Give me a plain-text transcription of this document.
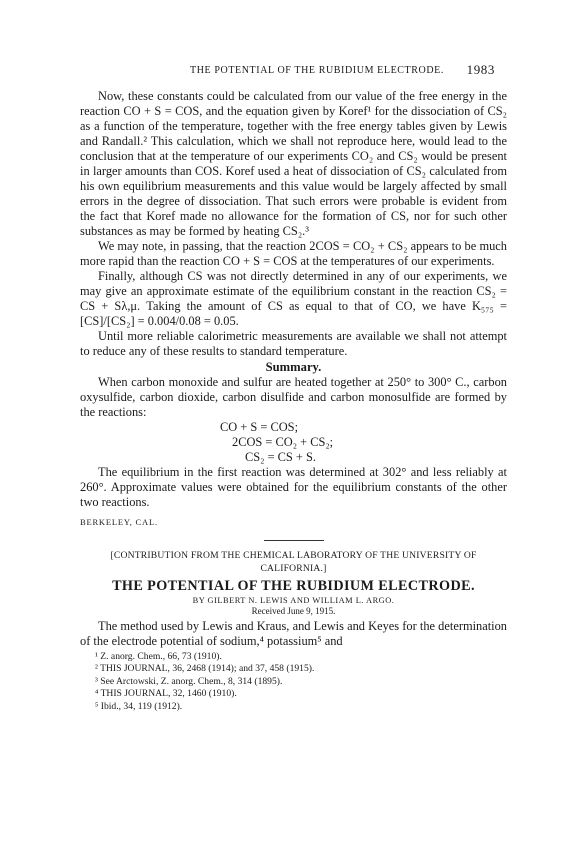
THE POTENTIAL OF THE RUBIDIUM ELECTRODE. 1983

Now, these constants could be calculated from our value of the free energy in the reaction CO + S = COS, and the equation given by Koref¹ for the dissociation of CS₂ as a function of the temperature, together with the free energy tables given by Lewis and Randall.² This calculation, which we shall not reproduce here, would lead to the conclusion that at the temperature of our experiments CO₂ and CS₂ would be present in larger amounts than COS. Koref used a heat of dissociation of CS₂ calculated from his own equilibrium measurements and this value would be largely affected by small errors in the degree of dissociation. That such errors were probable is evident from the fact that Koref made no allowance for the formation of CS, nor for such other substances as may be formed by heating CS₂.³

We may note, in passing, that the reaction 2COS = CO₂ + CS₂ appears to be much more rapid than the reaction CO + S = COS at the temperatures of our experiments.

Finally, although CS was not directly determined in any of our experiments, we may give an approximate estimate of the equilibrium constant in the reaction CS₂ = CS + Sλ,μ. Taking the amount of CS as equal to that of CO, we have K₅₇₅ = [CS]/[CS₂] = 0.004/0.08 = 0.05.

Until more reliable calorimetric measurements are available we shall not attempt to reduce any of these results to standard temperature.

Summary.

When carbon monoxide and sulfur are heated together at 250° to 300° C., carbon oxysulfide, carbon dioxide, carbon disulfide and carbon monosulfide are formed by the reactions:

CO + S = COS;
2COS = CO₂ + CS₂;
CS₂ = CS + S.

The equilibrium in the first reaction was determined at 302° and less reliably at 260°. Approximate values were obtained for the equilibrium constants of the other two reactions.

BERKELEY, CAL.
[CONTRIBUTION FROM THE CHEMICAL LABORATORY OF THE UNIVERSITY OF CALIFORNIA.]
THE POTENTIAL OF THE RUBIDIUM ELECTRODE.
BY GILBERT N. LEWIS AND WILLIAM L. ARGO.
Received June 9, 1915.

The method used by Lewis and Kraus, and Lewis and Keyes for the determination of the electrode potential of sodium,⁴ potassium⁵ and

¹ Z. anorg. Chem., 66, 73 (1910).
² THIS JOURNAL, 36, 2468 (1914); and 37, 458 (1915).
³ See Arctowski, Z. anorg. Chem., 8, 314 (1895).
⁴ THIS JOURNAL, 32, 1460 (1910).
⁵ Ibid., 34, 119 (1912).
